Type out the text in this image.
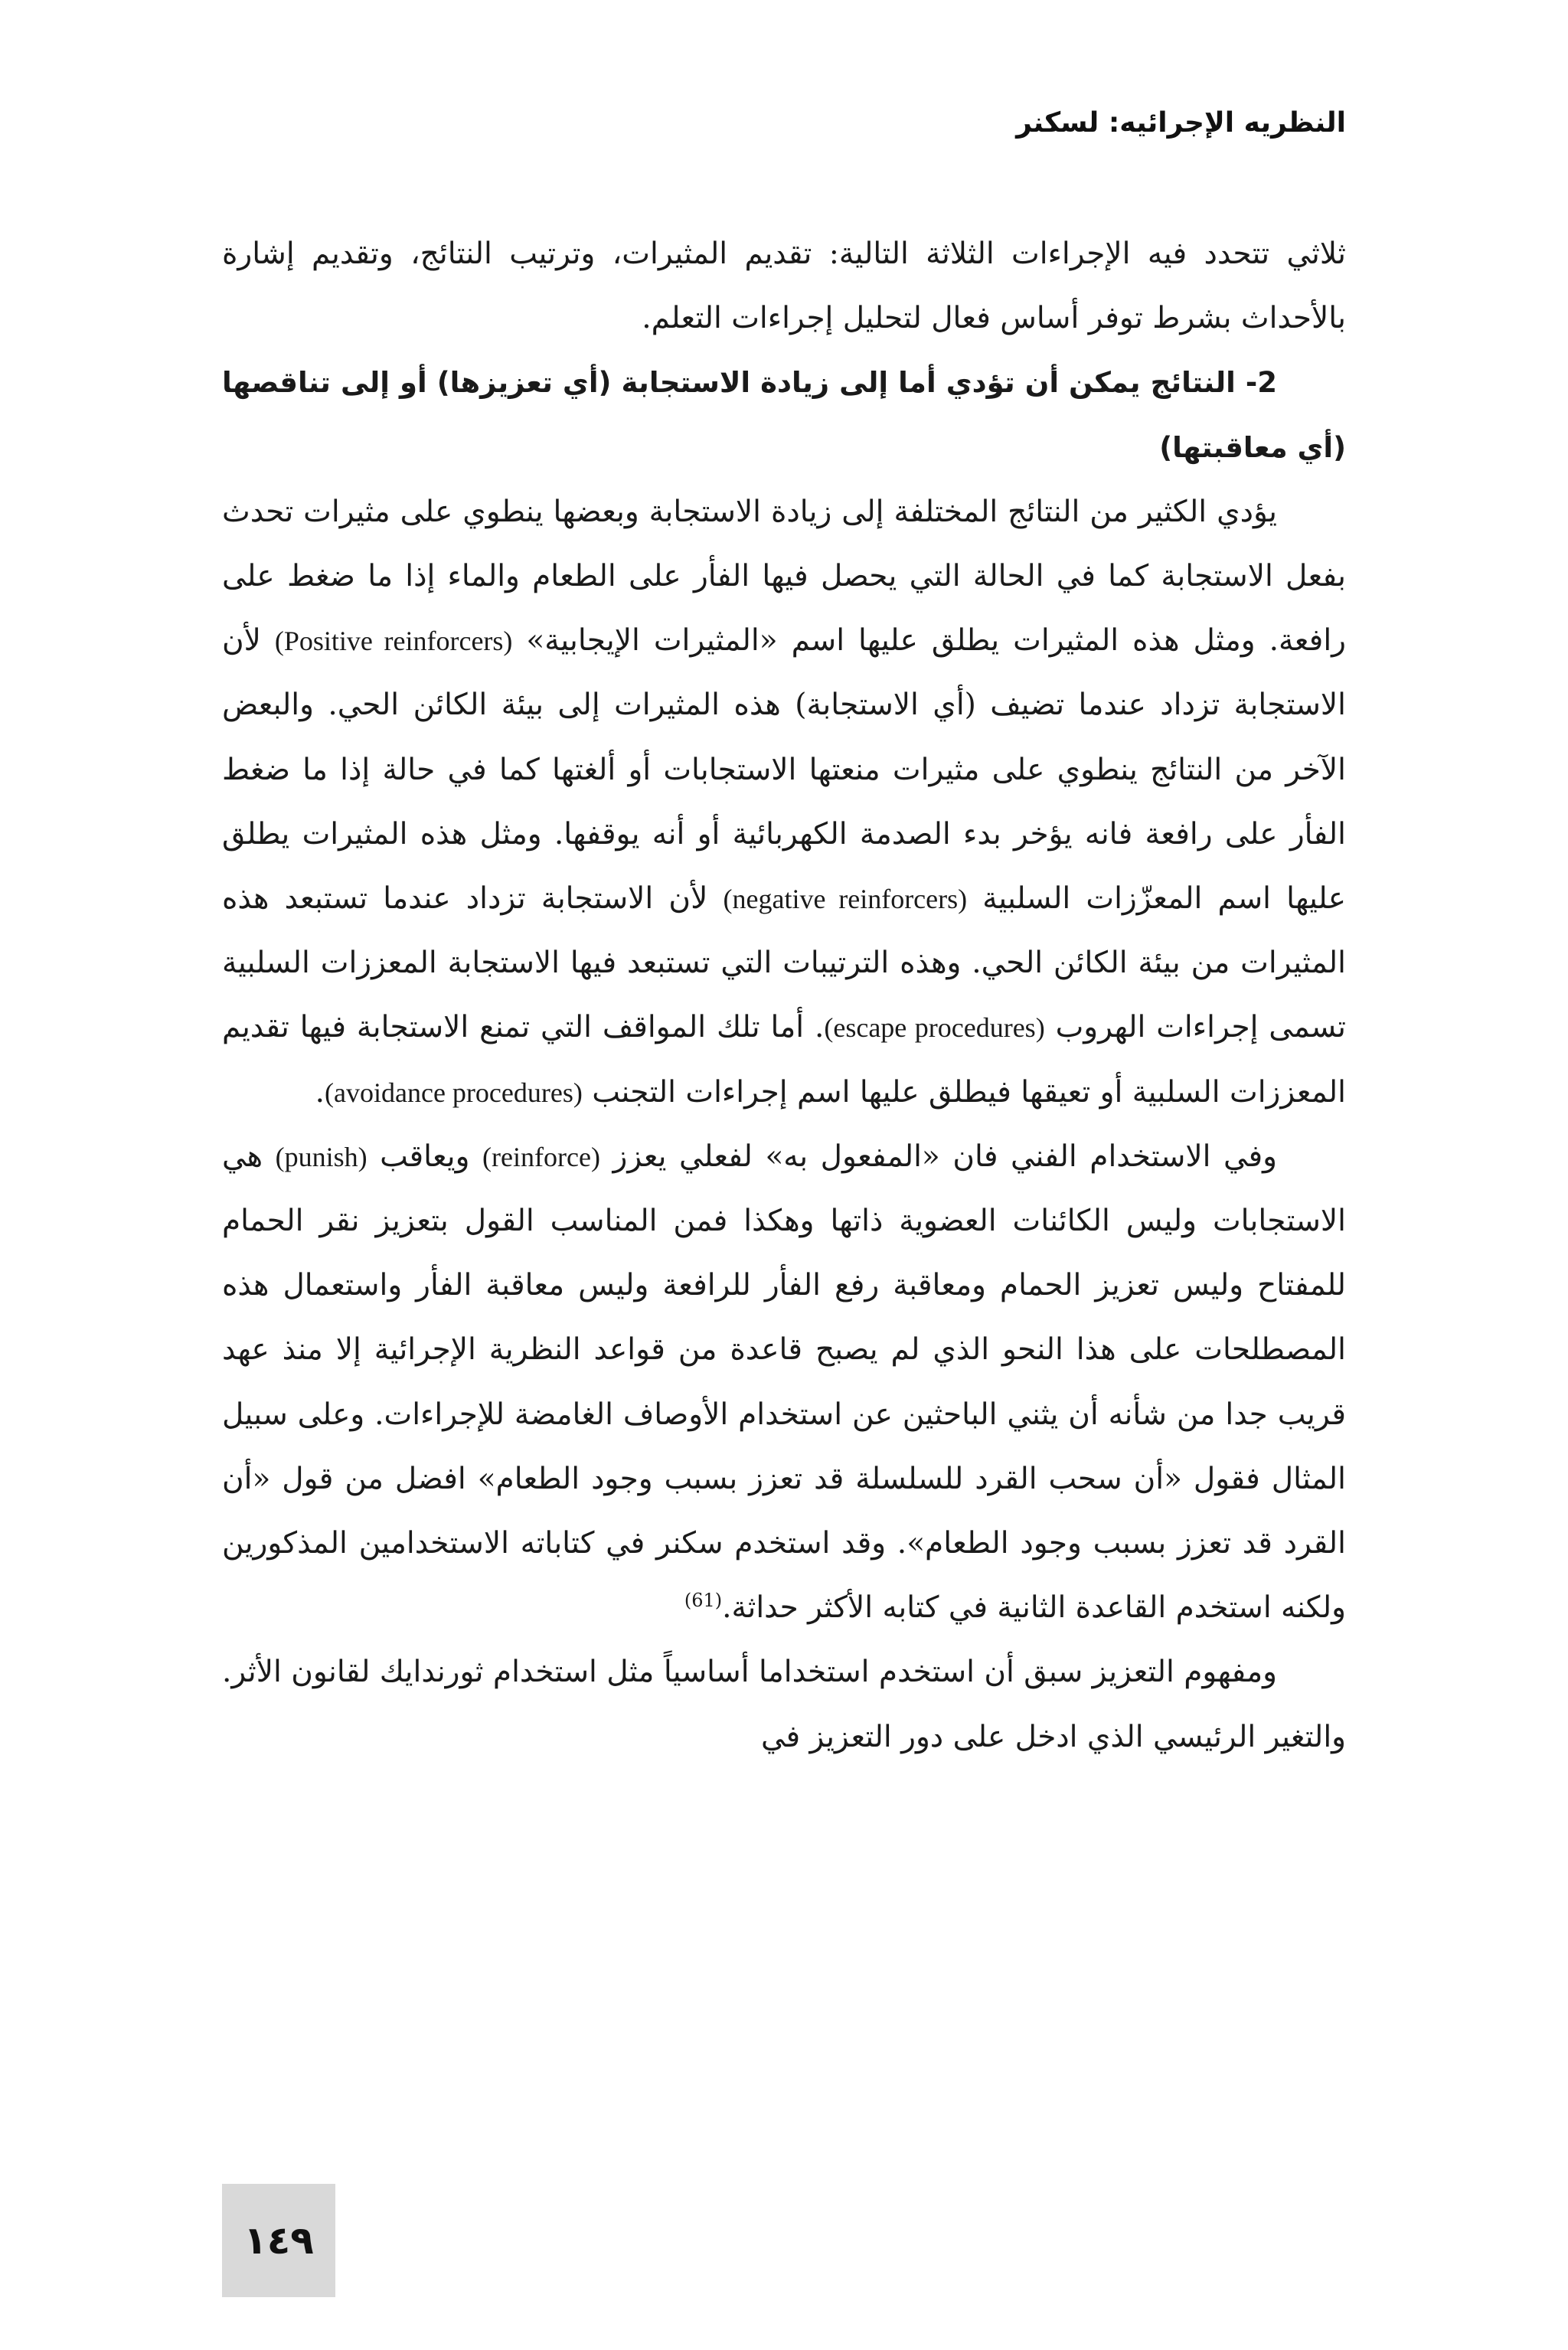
النظريه الإجرائيه: لسكنر

ثلاثي تتحدد فيه الإجراءات الثلاثة التالية: تقديم المثيرات، وترتيب النتائج، وتقديم إشارة بالأحداث بشرط توفر أساس فعال لتحليل إجراءات التعلم.

2- النتائج يمكن أن تؤدي أما إلى زيادة الاستجابة (أي تعزيزها) أو إلى تناقصها (أي معاقبتها)

يؤدي الكثير من النتائج المختلفة إلى زيادة الاستجابة وبعضها ينطوي على مثيرات تحدث بفعل الاستجابة كما في الحالة التي يحصل فيها الفأر على الطعام والماء إذا ما ضغط على رافعة. ومثل هذه المثيرات يطلق عليها اسم «المثيرات الإيجابية» (Positive reinforcers) لأن الاستجابة تزداد عندما تضيف (أي الاستجابة) هذه المثيرات إلى بيئة الكائن الحي. والبعض الآخر من النتائج ينطوي على مثيرات منعتها الاستجابات أو ألغتها كما في حالة إذا ما ضغط الفأر على رافعة فانه يؤخر بدء الصدمة الكهربائية أو أنه يوقفها. ومثل هذه المثيرات يطلق عليها اسم المعزّزات السلبية (negative reinforcers) لأن الاستجابة تزداد عندما تستبعد هذه المثيرات من بيئة الكائن الحي. وهذه الترتيبات التي تستبعد فيها الاستجابة المعززات السلبية تسمى إجراءات الهروب (escape procedures). أما تلك المواقف التي تمنع الاستجابة فيها تقديم المعززات السلبية أو تعيقها فيطلق عليها اسم إجراءات التجنب (avoidance procedures).

وفي الاستخدام الفني فان «المفعول به» لفعلي يعزز (reinforce) ويعاقب (punish) هي الاستجابات وليس الكائنات العضوية ذاتها وهكذا فمن المناسب القول بتعزيز نقر الحمام للمفتاح وليس تعزيز الحمام ومعاقبة رفع الفأر للرافعة وليس معاقبة الفأر واستعمال هذه المصطلحات على هذا النحو الذي لم يصبح قاعدة من قواعد النظرية الإجرائية إلا منذ عهد قريب جدا من شأنه أن يثني الباحثين عن استخدام الأوصاف الغامضة للإجراءات. وعلى سبيل المثال فقول «أن سحب القرد للسلسلة قد تعزز بسبب وجود الطعام» افضل من قول «أن القرد قد تعزز بسبب وجود الطعام». وقد استخدم سكنر في كتاباته الاستخدامين المذكورين ولكنه استخدم القاعدة الثانية في كتابه الأكثر حداثة.$^{(61)}$

ومفهوم التعزيز سبق أن استخدم استخداما أساسياً مثل استخدام ثورندايك لقانون الأثر. والتغير الرئيسي الذي ادخل على دور التعزيز في

١٤٩
